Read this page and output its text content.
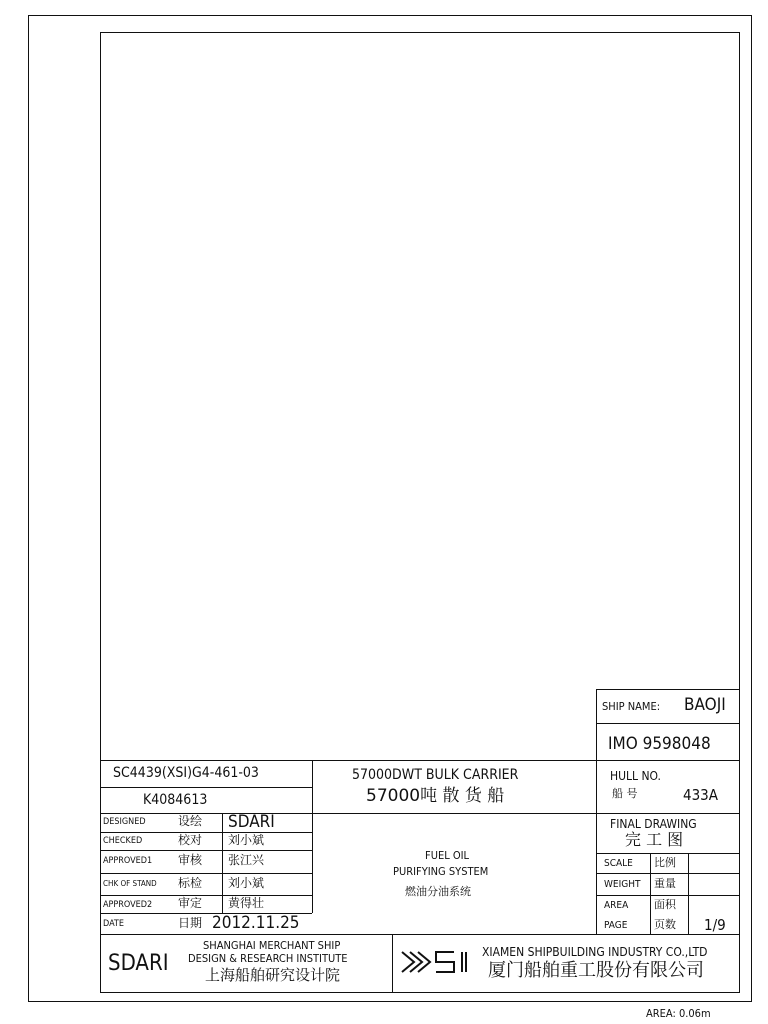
SHIP NAME: BAOJI
IMO 9598048
SC4439(XSI)G4-461-03
K4084613
57000DWT BULK CARRIER
57000吨 散 货 船
HULL NO.
船 号	433A
DESIGNED	设绘 SDARI
CHECKED	校对 刘小斌
APPROVED1 审核 张江兴
CHK OF STAND 标检 刘小斌
APPROVED2 审定 黄得壮
DATE	日期 2012.11.25
FUEL OIL
PURIFYING SYSTEM
燃油分油系统
FINAL DRAWING
完 工 图
SCALE 比例
WEIGHT 重量
AREA 面积
PAGE 页数 1/9
SDARI
SHANGHAI MERCHANT SHIP
DESIGN & RESEARCH INSTITUTE
上海船舶研究设计院
XIAMEN SHIPBUILDING INDUSTRY CO.,LTD
厦门船舶重工股份有限公司
AREA: 0.06m
